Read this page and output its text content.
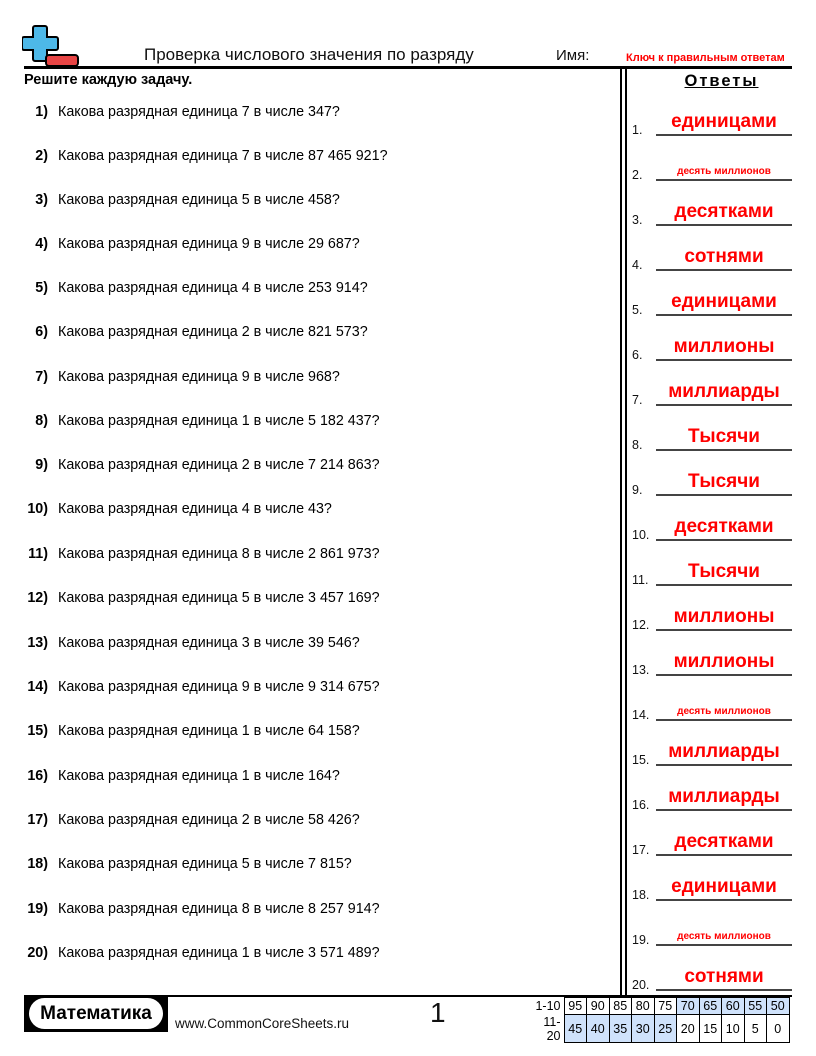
Проверка числового значения по разряду	Имя:	Ключ к правильным ответам
Решите каждую задачу.
1) Какова разрядная единица 7 в числе 347?
2) Какова разрядная единица 7 в числе 87 465 921?
3) Какова разрядная единица 5 в числе 458?
4) Какова разрядная единица 9 в числе 29 687?
5) Какова разрядная единица 4 в числе 253 914?
6) Какова разрядная единица 2 в числе 821 573?
7) Какова разрядная единица 9 в числе 968?
8) Какова разрядная единица 1 в числе 5 182 437?
9) Какова разрядная единица 2 в числе 7 214 863?
10) Какова разрядная единица 4 в числе 43?
11) Какова разрядная единица 8 в числе 2 861 973?
12) Какова разрядная единица 5 в числе 3 457 169?
13) Какова разрядная единица 3 в числе 39 546?
14) Какова разрядная единица 9 в числе 9 314 675?
15) Какова разрядная единица 1 в числе 64 158?
16) Какова разрядная единица 1 в числе 164?
17) Какова разрядная единица 2 в числе 58 426?
18) Какова разрядная единица 5 в числе 7 815?
19) Какова разрядная единица 8 в числе 8 257 914?
20) Какова разрядная единица 1 в числе 3 571 489?
Ответы
1.	единицами
2.	десять миллионов
3.	десятками
4.	сотнями
5.	единицами
6.	миллионы
7.	миллиарды
8.	Тысячи
9.	Тысячи
10.	десятками
11.	Тысячи
12.	миллионы
13.	миллионы
14.	десять миллионов
15. миллиарды
16. миллиарды
17.	десятками
18.	единицами
19.	десять миллионов
20.	сотнями
Математика	www.CommonCoreSheets.ru	1	1-10	95	90	85	80	75	70	65	60	55	50
11-20	45	40	35	30	25	20	15	10	5	0
